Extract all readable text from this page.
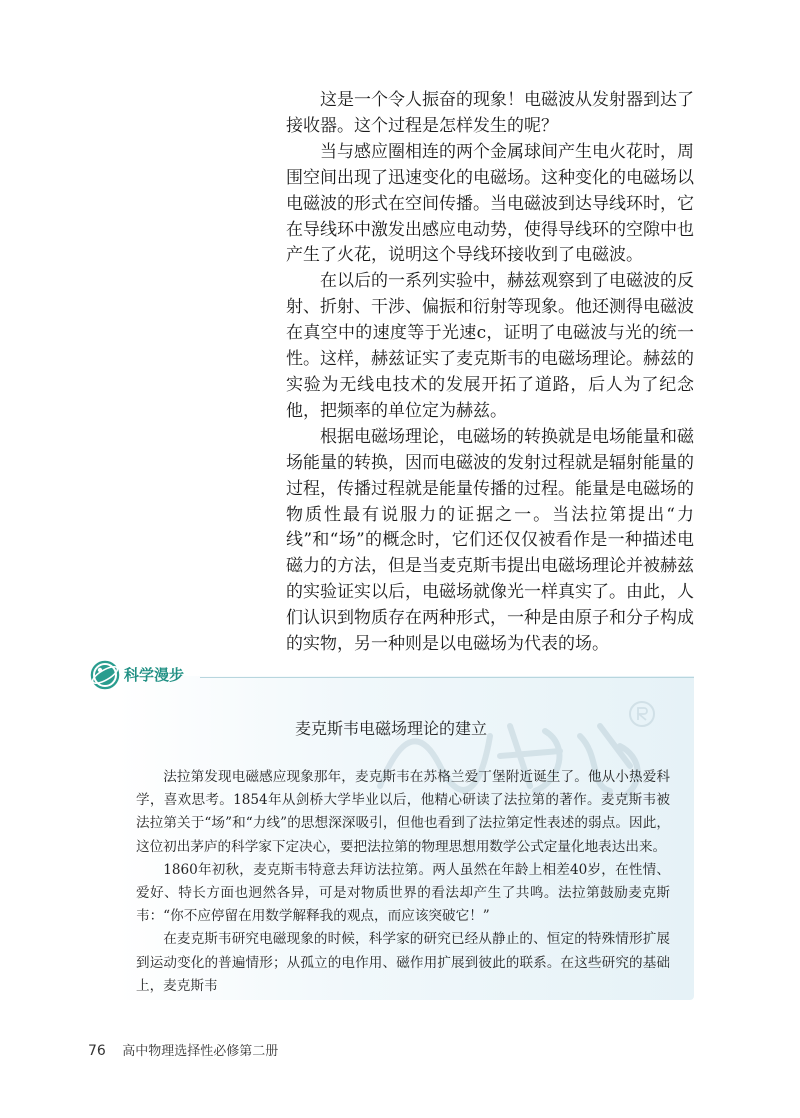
这是一个令人振奋的现象！电磁波从发射器到达了接收器。这个过程是怎样发生的呢？

当与感应圈相连的两个金属球间产生电火花时，周围空间出现了迅速变化的电磁场。这种变化的电磁场以电磁波的形式在空间传播。当电磁波到达导线环时，它在导线环中激发出感应电动势，使得导线环的空隙中也产生了火花，说明这个导线环接收到了电磁波。

在以后的一系列实验中，赫兹观察到了电磁波的反射、折射、干涉、偏振和衍射等现象。他还测得电磁波在真空中的速度等于光速c，证明了电磁波与光的统一性。这样，赫兹证实了麦克斯韦的电磁场理论。赫兹的实验为无线电技术的发展开拓了道路，后人为了纪念他，把频率的单位定为赫兹。

根据电磁场理论，电磁场的转换就是电场能量和磁场能量的转换，因而电磁波的发射过程就是辐射能量的过程，传播过程就是能量传播的过程。能量是电磁场的物质性最有说服力的证据之一。当法拉第提出“力线”和“场”的概念时，它们还仅仅被看作是一种描述电磁力的方法，但是当麦克斯韦提出电磁场理论并被赫兹的实验证实以后，电磁场就像光一样真实了。由此，人们认识到物质存在两种形式，一种是由原子和分子构成的实物，另一种则是以电磁场为代表的场。

科学漫步
麦克斯韦电磁场理论的建立

法拉第发现电磁感应现象那年，麦克斯韦在苏格兰爱丁堡附近诞生了。他从小热爱科学，喜欢思考。1854年从剑桥大学毕业以后，他精心研读了法拉第的著作。麦克斯韦被法拉第关于“场”和“力线”的思想深深吸引，但他也看到了法拉第定性表述的弱点。因此，这位初出茅庐的科学家下定决心，要把法拉第的物理思想用数学公式定量化地表达出来。

1860年初秋，麦克斯韦特意去拜访法拉第。两人虽然在年龄上相差40岁，在性情、爱好、特长方面也迥然各异，可是对物质世界的看法却产生了共鸣。法拉第鼓励麦克斯韦：“你不应停留在用数学解释我的观点，而应该突破它！”

在麦克斯韦研究电磁现象的时候，科学家的研究已经从静止的、恒定的特殊情形扩展到运动变化的普遍情形；从孤立的电作用、磁作用扩展到彼此的联系。在这些研究的基础上，麦克斯韦

76 高中物理选择性必修第二册
